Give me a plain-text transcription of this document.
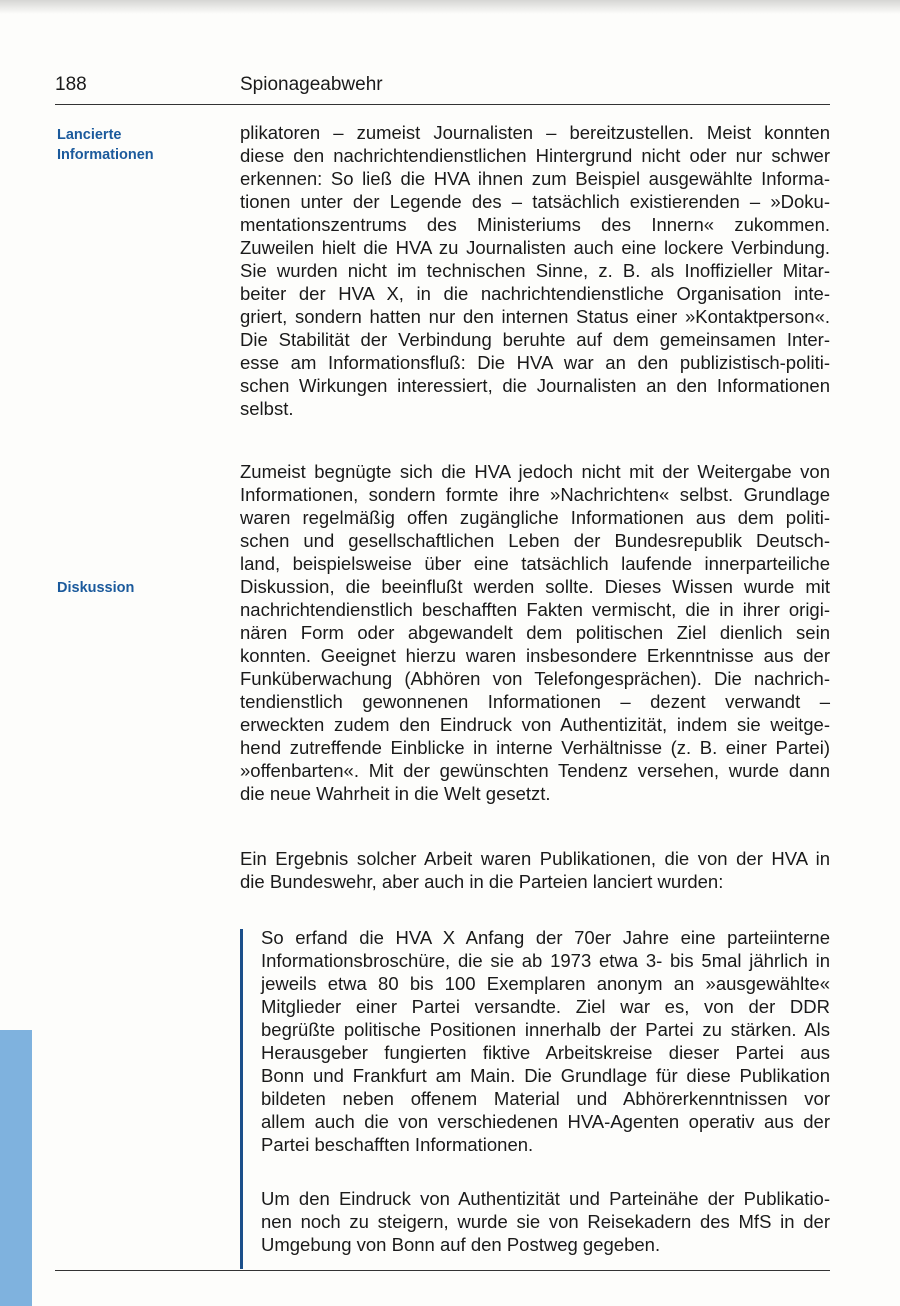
188	Spionageabwehr
Lancierte
Informationen
Diskussion
plikatoren – zumeist Journalisten – bereitzustellen. Meist konnten
diese den nachrichtendienstlichen Hintergrund nicht oder nur schwer
erkennen: So ließ die HVA ihnen zum Beispiel ausgewählte Informa-
tionen unter der Legende des – tatsächlich existierenden – »Doku-
mentationszentrums des Ministeriums des Innern« zukommen.
Zuweilen hielt die HVA zu Journalisten auch eine lockere Verbindung.
Sie wurden nicht im technischen Sinne, z. B. als Inoffizieller Mitar-
beiter der HVA X, in die nachrichtendienstliche Organisation inte-
griert, sondern hatten nur den internen Status einer »Kontaktperson«.
Die Stabilität der Verbindung beruhte auf dem gemeinsamen Inter-
esse am Informationsfluß: Die HVA war an den publizistisch-politi-
schen Wirkungen interessiert, die Journalisten an den Informationen
selbst.
Zumeist begnügte sich die HVA jedoch nicht mit der Weitergabe von
Informationen, sondern formte ihre »Nachrichten« selbst. Grundlage
waren regelmäßig offen zugängliche Informationen aus dem politi-
schen und gesellschaftlichen Leben der Bundesrepublik Deutsch-
land, beispielsweise über eine tatsächlich laufende innerparteiliche
Diskussion, die beeinflußt werden sollte. Dieses Wissen wurde mit
nachrichtendienstlich beschafften Fakten vermischt, die in ihrer origi-
nären Form oder abgewandelt dem politischen Ziel dienlich sein
konnten. Geeignet hierzu waren insbesondere Erkenntnisse aus der
Funküberwachung (Abhören von Telefongesprächen). Die nachrich-
tendienstlich gewonnenen Informationen – dezent verwandt –
erweckten zudem den Eindruck von Authentizität, indem sie weitge-
hend zutreffende Einblicke in interne Verhältnisse (z. B. einer Partei)
»offenbarten«. Mit der gewünschten Tendenz versehen, wurde dann
die neue Wahrheit in die Welt gesetzt.
Ein Ergebnis solcher Arbeit waren Publikationen, die von der HVA in
die Bundeswehr, aber auch in die Parteien lanciert wurden:
So erfand die HVA X Anfang der 70er Jahre eine parteiinterne
Informationsbroschüre, die sie ab 1973 etwa 3- bis 5mal jährlich in
jeweils etwa 80 bis 100 Exemplaren anonym an »ausgewählte«
Mitglieder einer Partei versandte. Ziel war es, von der DDR
begrüßte politische Positionen innerhalb der Partei zu stärken. Als
Herausgeber fungierten fiktive Arbeitskreise dieser Partei aus
Bonn und Frankfurt am Main. Die Grundlage für diese Publikation
bildeten neben offenem Material und Abhörerkenntnissen vor
allem auch die von verschiedenen HVA-Agenten operativ aus der
Partei beschafften Informationen.
Um den Eindruck von Authentizität und Parteinähe der Publikatio-
nen noch zu steigern, wurde sie von Reisekadern des MfS in der
Umgebung von Bonn auf den Postweg gegeben.
